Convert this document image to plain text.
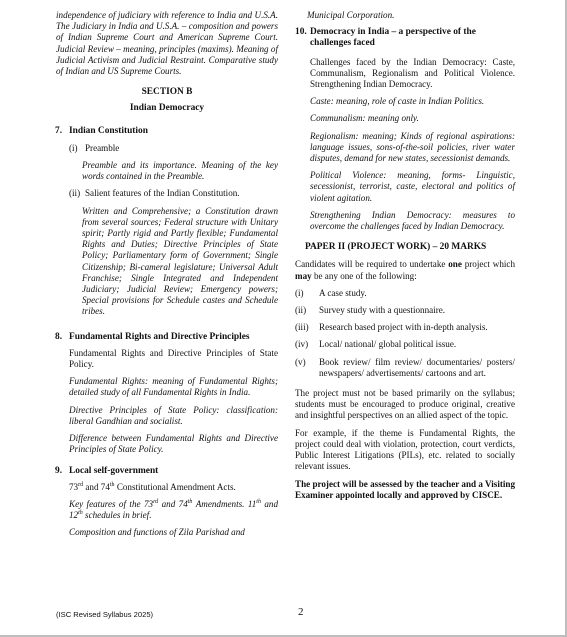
independence of judiciary with reference to India and U.S.A. The Judiciary in India and U.S.A. – composition and powers of Indian Supreme Court and American Supreme Court. Judicial Review – meaning, principles (maxims). Meaning of Judicial Activism and Judicial Restraint. Comparative study of Indian and US Supreme Courts.

SECTION B

Indian Democracy

7. Indian Constitution

(i) Preamble

Preamble and its importance. Meaning of the key words contained in the Preamble.

(ii) Salient features of the Indian Constitution.

Written and Comprehensive; a Constitution drawn from several sources; Federal structure with Unitary spirit; Partly rigid and Partly flexible; Fundamental Rights and Duties; Directive Principles of State Policy; Parliamentary form of Government; Single Citizenship; Bi-cameral legislature; Universal Adult Franchise; Single Integrated and Independent Judiciary; Judicial Review; Emergency powers; Special provisions for Schedule castes and Schedule tribes.

8. Fundamental Rights and Directive Principles

Fundamental Rights and Directive Principles of State Policy.

Fundamental Rights: meaning of Fundamental Rights; detailed study of all Fundamental Rights in India.

Directive Principles of State Policy: classification: liberal Gandhian and socialist.

Difference between Fundamental Rights and Directive Principles of State Policy.

9. Local self-government

73rd and 74th Constitutional Amendment Acts.

Key features of the 73rd and 74th Amendments. 11th and 12th schedules in brief.

Composition and functions of Zila Parishad and

Municipal Corporation.

10. Democracy in India – a perspective of the challenges faced

Challenges faced by the Indian Democracy: Caste, Communalism, Regionalism and Political Violence. Strengthening Indian Democracy.

Caste: meaning, role of caste in Indian Politics.

Communalism: meaning only.

Regionalism: meaning; Kinds of regional aspirations: language issues, sons-of-the-soil policies, river water disputes, demand for new states, secessionist demands.

Political Violence: meaning, forms- Linguistic, secessionist, terrorist, caste, electoral and politics of violent agitation.

Strengthening Indian Democracy: measures to overcome the challenges faced by Indian Democracy.

PAPER II (PROJECT WORK) – 20 MARKS

Candidates will be required to undertake one project which may be any one of the following:

(i)	A case study.
(ii)	Survey study with a questionnaire.
(iii)	Research based project with in-depth analysis.
(iv)	Local/ national/ global political issue.
(v)	Book review/ film review/ documentaries/ posters/ newspapers/ advertisements/ cartoons and art.

The project must not be based primarily on the syllabus; students must be encouraged to produce original, creative and insightful perspectives on an allied aspect of the topic.

For example, if the theme is Fundamental Rights, the project could deal with violation, protection, court verdicts, Public Interest Litigations (PILs), etc. related to socially relevant issues.

The project will be assessed by the teacher and a Visiting Examiner appointed locally and approved by CISCE.

(ISC Revised Syllabus 2025)	2
